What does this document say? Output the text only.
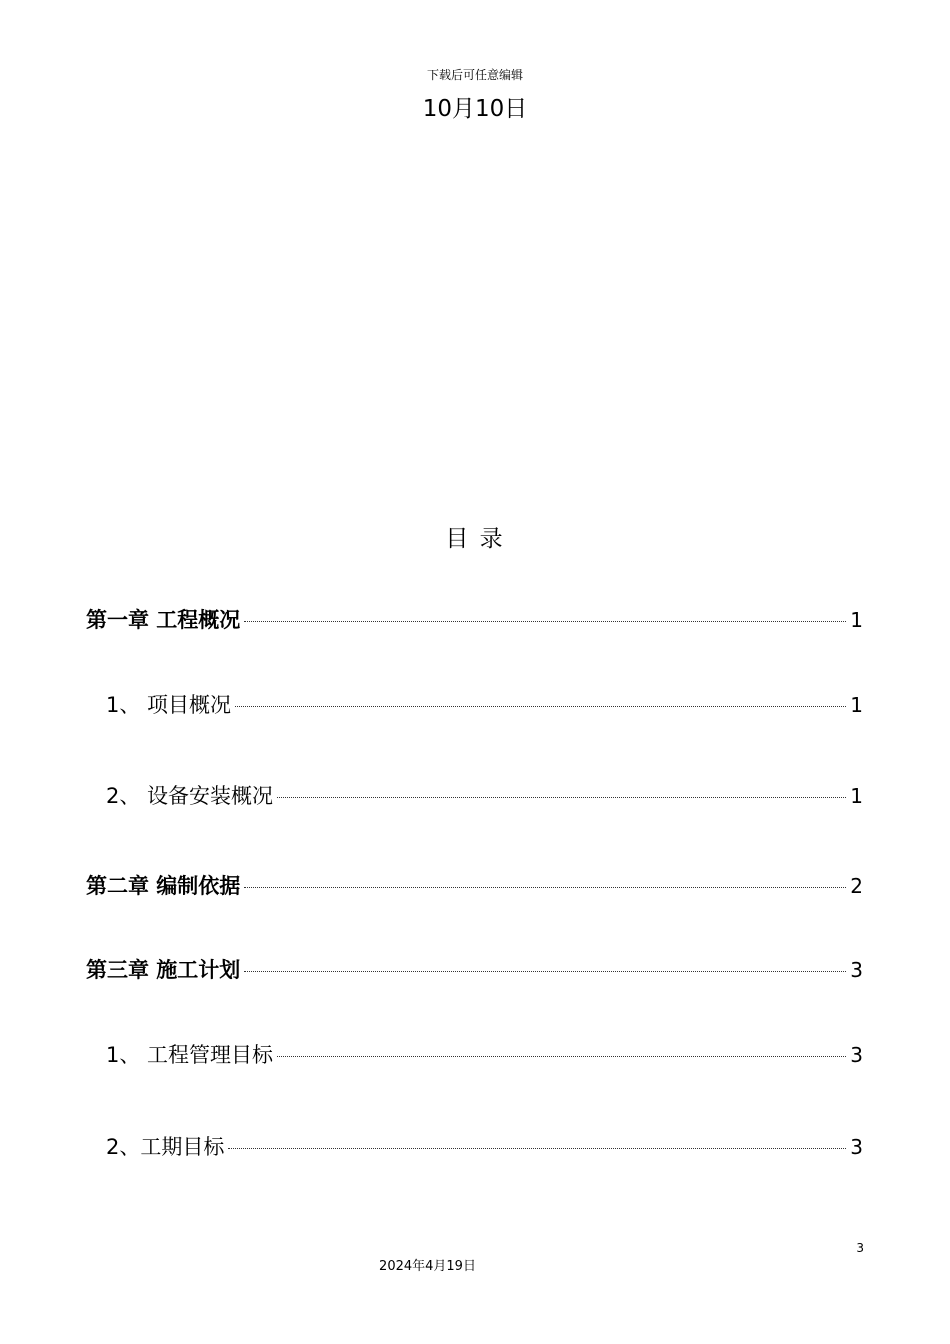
下载后可任意编辑
10月10日
目 录
第一章 工程概况	1
1、 项目概况	1
2、 设备安装概况	1
第二章 编制依据	2
第三章 施工计划	3
1、 工程管理目标	3
2、工期目标	3
3
2024年4月19日
